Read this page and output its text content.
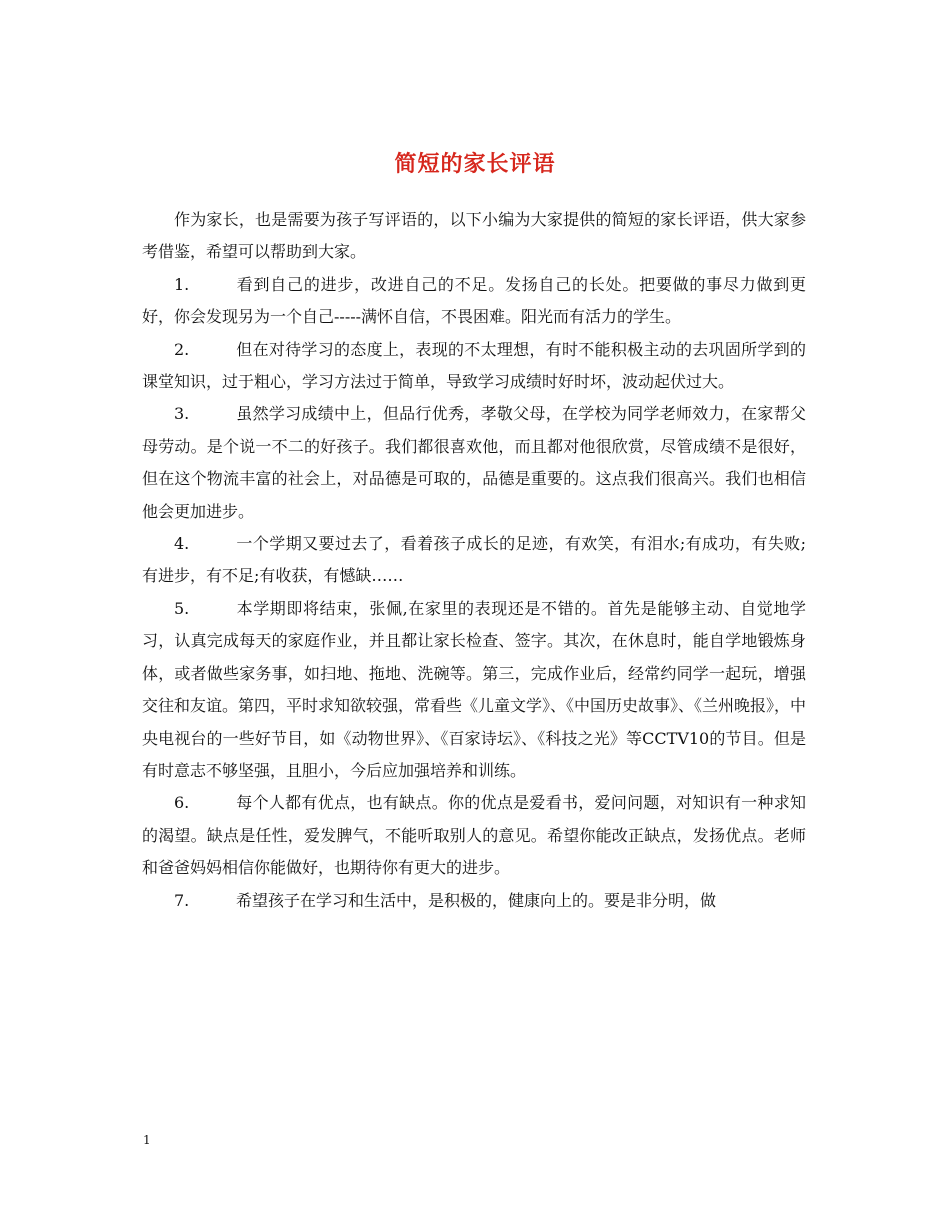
简短的家长评语

作为家长，也是需要为孩子写评语的，以下小编为大家提供的简短的家长评语，供大家参考借鉴，希望可以帮助到大家。

1.	看到自己的进步，改进自己的不足。发扬自己的长处。把要做的事尽力做到更好，你会发现另为一个自己-----满怀自信，不畏困难。阳光而有活力的学生。

2.	但在对待学习的态度上，表现的不太理想，有时不能积极主动的去巩固所学到的课堂知识，过于粗心，学习方法过于简单，导致学习成绩时好时坏，波动起伏过大。

3.	虽然学习成绩中上，但品行优秀，孝敬父母，在学校为同学老师效力，在家帮父母劳动。是个说一不二的好孩子。我们都很喜欢他，而且都对他很欣赏，尽管成绩不是很好，但在这个物流丰富的社会上，对品德是可取的，品德是重要的。这点我们很高兴。我们也相信他会更加进步。

4.	一个学期又要过去了，看着孩子成长的足迹，有欢笑，有泪水;有成功，有失败;有进步，有不足;有收获，有憾缺……

5.	本学期即将结束，张佩,在家里的表现还是不错的。首先是能够主动、自觉地学习，认真完成每天的家庭作业，并且都让家长检查、签字。其次，在休息时，能自学地锻炼身体，或者做些家务事，如扫地、拖地、洗碗等。第三，完成作业后，经常约同学一起玩，增强交往和友谊。第四，平时求知欲较强，常看些《儿童文学》、《中国历史故事》、《兰州晚报》，中央电视台的一些好节目，如《动物世界》、《百家诗坛》、《科技之光》等CCTV10的节目。但是有时意志不够坚强，且胆小，今后应加强培养和训练。

6.	每个人都有优点，也有缺点。你的优点是爱看书，爱问问题，对知识有一种求知的渴望。缺点是任性，爱发脾气，不能听取别人的意见。希望你能改正缺点，发扬优点。老师和爸爸妈妈相信你能做好，也期待你有更大的进步。

7.	希望孩子在学习和生活中，是积极的，健康向上的。要是非分明，做

1
